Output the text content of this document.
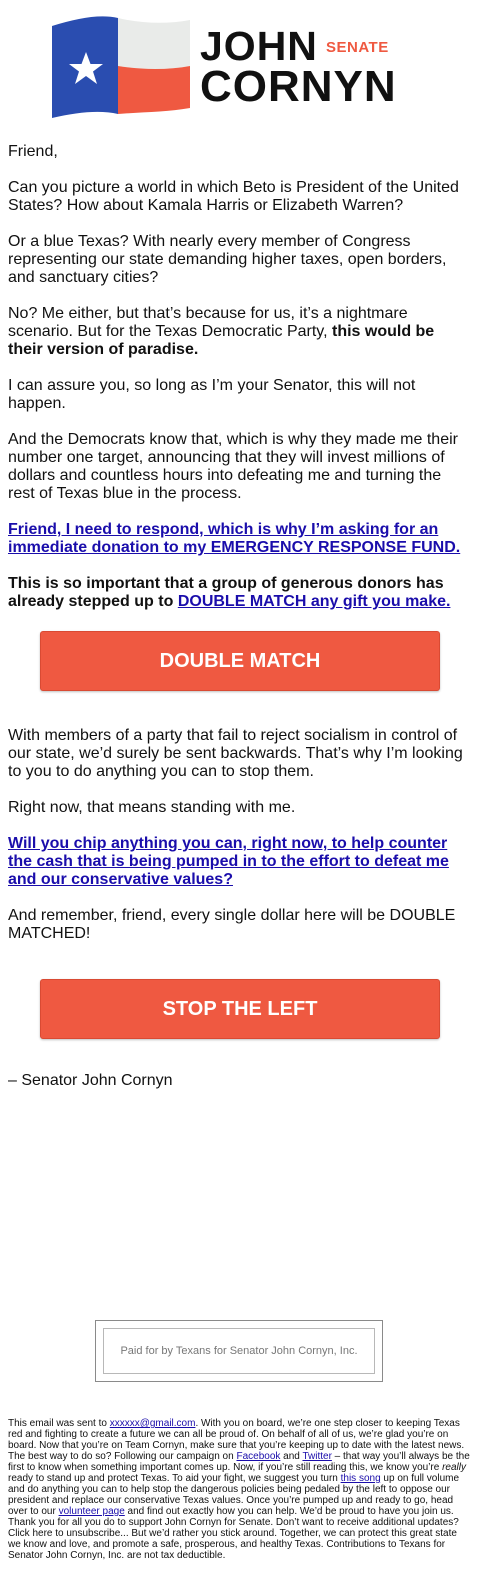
JOHN SENATE
CORNYN

Friend,

Can you picture a world in which Beto is President of the United States? How about Kamala Harris or Elizabeth Warren?

Or a blue Texas? With nearly every member of Congress representing our state demanding higher taxes, open borders, and sanctuary cities?

No? Me either, but that’s because for us, it’s a nightmare scenario. But for the Texas Democratic Party, this would be their version of paradise.

I can assure you, so long as I’m your Senator, this will not happen.

And the Democrats know that, which is why they made me their number one target, announcing that they will invest millions of dollars and countless hours into defeating me and turning the rest of Texas blue in the process.

Friend, I need to respond, which is why I’m asking for an immediate donation to my EMERGENCY RESPONSE FUND.

This is so important that a group of generous donors has already stepped up to DOUBLE MATCH any gift you make.

DOUBLE MATCH

With members of a party that fail to reject socialism in control of our state, we’d surely be sent backwards. That’s why I’m looking to you to do anything you can to stop them.

Right now, that means standing with me.

Will you chip anything you can, right now, to help counter the cash that is being pumped in to the effort to defeat me and our conservative values?

And remember, friend, every single dollar here will be DOUBLE MATCHED!

STOP THE LEFT
– Senator John Cornyn
Paid for by Texans for Senator John Cornyn, Inc.
This email was sent to xxxxxx@gmail.com. With you on board, we’re one step closer to keeping Texas red and fighting to create a future we can all be proud of. On behalf of all of us, we’re glad you’re on board. Now that you’re on Team Cornyn, make sure that you’re keeping up to date with the latest news. The best way to do so? Following our campaign on Facebook and Twitter – that way you’ll always be the first to know when something important comes up. Now, if you’re still reading this, we know you’re really ready to stand up and protect Texas. To aid your fight, we suggest you turn this song up on full volume and do anything you can to help stop the dangerous policies being pedaled by the left to oppose our president and replace our conservative Texas values. Once you’re pumped up and ready to go, head over to our volunteer page and find out exactly how you can help. We’d be proud to have you join us. Thank you for all you do to support John Cornyn for Senate. Don’t want to receive additional updates? Click here to unsubscribe... But we’d rather you stick around. Together, we can protect this great state we know and love, and promote a safe, prosperous, and healthy Texas. Contributions to Texans for Senator John Cornyn, Inc. are not tax deductible.
